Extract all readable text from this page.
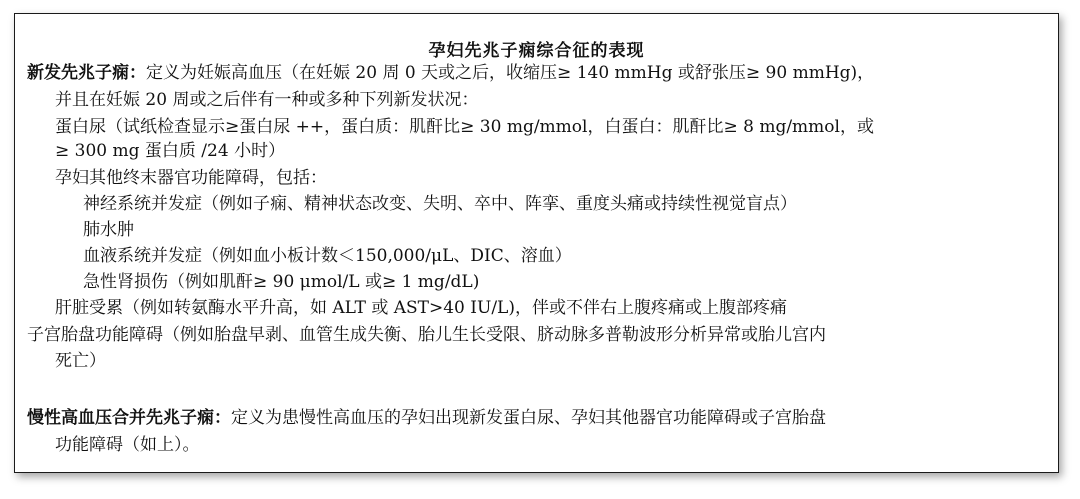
孕妇先兆子痫综合征的表现
新发先兆子痫：定义为妊娠高血压（在妊娠 20 周 0 天或之后，收缩压≥ 140 mmHg 或舒张压≥ 90 mmHg)，
并且在妊娠 20 周或之后伴有一种或多种下列新发状况：
蛋白尿（试纸检查显示≥蛋白尿 ++，蛋白质：肌酐比≥ 30 mg/mmol，白蛋白：肌酐比≥ 8 mg/mmol，或
≥ 300 mg 蛋白质 /24 小时）
孕妇其他终末器官功能障碍，包括：
神经系统并发症（例如子痫、精神状态改变、失明、卒中、阵挛、重度头痛或持续性视觉盲点）
肺水肿
血液系统并发症（例如血小板计数＜150,000/μL、DIC、溶血）
急性肾损伤（例如肌酐≥ 90 μmol/L 或≥ 1 mg/dL)
肝脏受累（例如转氨酶水平升高，如 ALT 或 AST>40 IU/L)，伴或不伴右上腹疼痛或上腹部疼痛
子宫胎盘功能障碍（例如胎盘早剥、血管生成失衡、胎儿生长受限、脐动脉多普勒波形分析异常或胎儿宫内
死亡）
慢性高血压合并先兆子痫：定义为患慢性高血压的孕妇出现新发蛋白尿、孕妇其他器官功能障碍或子宫胎盘
功能障碍（如上）。
